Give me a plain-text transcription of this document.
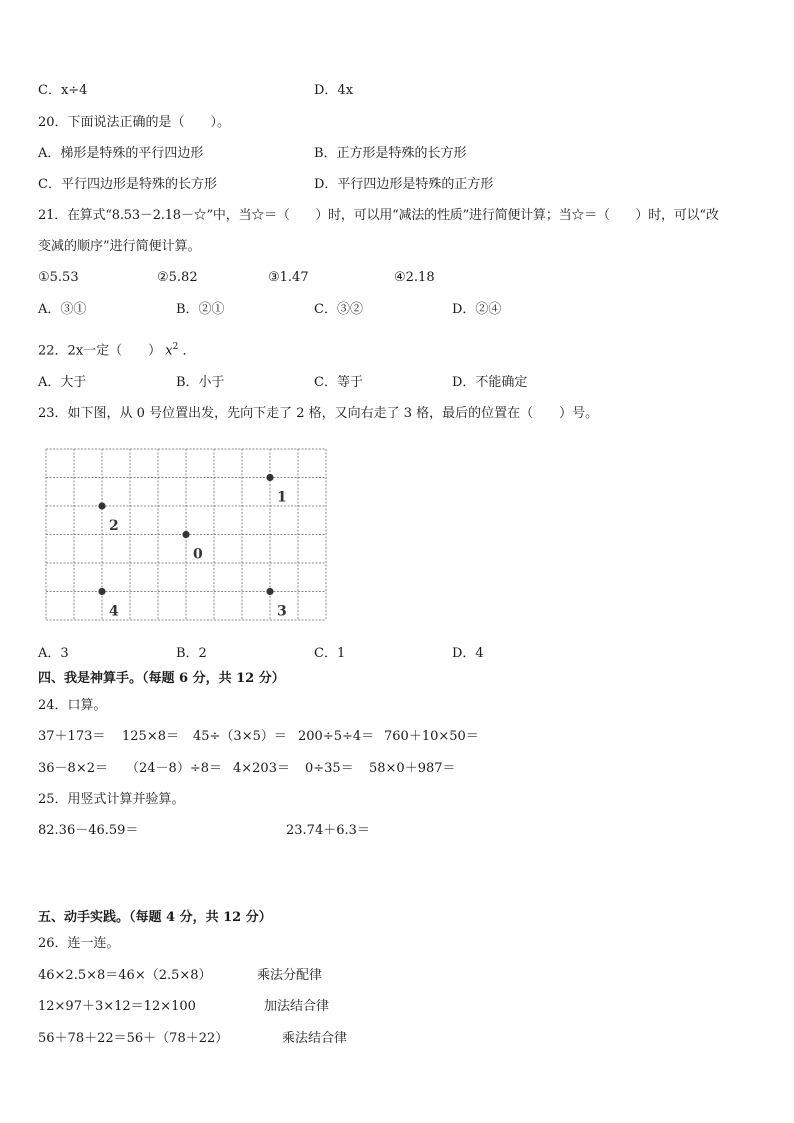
C．x÷4	D．4x
20．下面说法正确的是（　　）。
A．梯形是特殊的平行四边形	B．正方形是特殊的长方形
C．平行四边形是特殊的长方形	D．平行四边形是特殊的正方形
21．在算式“8.53－2.18－☆”中，当☆＝（　　）时，可以用“减法的性质”进行简便计算；当☆＝（　　）时，可以“改
变减的顺序”进行简便计算。
①5.53	②5.82	③1.47	④2.18
A．③①	B．②①	C．③②	D．②④
22．2x一定（　　） $x^2$ ．
A．大于	B．小于	C．等于	D．不能确定
23．如下图，从 0 号位置出发，先向下走了 2 格，又向右走了 3 格，最后的位置在（　　）号。
1
2
0
4	3
A．3	B．2	C．1	D．4
四、我是神算手。（每题 6 分，共 12 分）
24．口算。
37＋173＝ 125×8＝ 45÷（3×5）＝ 200÷5÷4＝ 760＋10×50＝
36－8×2＝ （24－8）÷8＝ 4×203＝ 0÷35＝ 58×0＋987＝
25．用竖式计算并验算。
82.36－46.59＝	23.74＋6.3＝
五、动手实践。（每题 4 分，共 12 分）
26．连一连。
46×2.5×8＝46×（2.5×8）	乘法分配律
12×97＋3×12＝12×100	加法结合律
56＋78＋22＝56＋（78＋22）	乘法结合律
